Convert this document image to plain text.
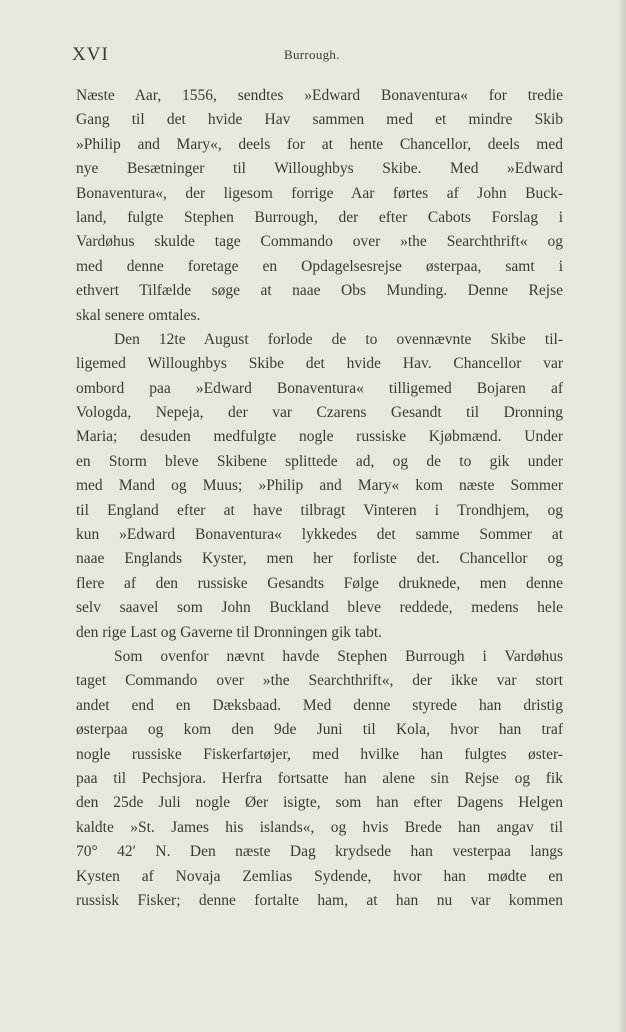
XVI	Burrough.
Næste Aar, 1556, sendtes »Edward Bonaventura« for tredie
Gang til det hvide Hav sammen med et mindre Skib
»Philip and Mary«, deels for at hente Chancellor, deels med
nye Besætninger til Willoughbys Skibe. Med »Edward
Bonaventura«, der ligesom forrige Aar førtes af John Buck-
land, fulgte Stephen Burrough, der efter Cabots Forslag i
Vardøhus skulde tage Commando over »the Searchthrift« og
med denne foretage en Opdagelsesrejse østerpaa, samt i
ethvert Tilfælde søge at naae Obs Munding. Denne Rejse
skal senere omtales.
Den 12te August forlode de to ovennævnte Skibe til-
ligemed Willoughbys Skibe det hvide Hav. Chancellor var
ombord paa »Edward Bonaventura« tilligemed Bojaren af
Vologda, Nepeja, der var Czarens Gesandt til Dronning
Maria; desuden medfulgte nogle russiske Kjøbmænd. Under
en Storm bleve Skibene splittede ad, og de to gik under
med Mand og Muus; »Philip and Mary« kom næste Sommer
til England efter at have tilbragt Vinteren i Trondhjem, og
kun »Edward Bonaventura« lykkedes det samme Sommer at
naae Englands Kyster, men her forliste det. Chancellor og
flere af den russiske Gesandts Følge druknede, men denne
selv saavel som John Buckland bleve reddede, medens hele
den rige Last og Gaverne til Dronningen gik tabt.
Som ovenfor nævnt havde Stephen Burrough i Vardøhus
taget Commando over »the Searchthrift«, der ikke var stort
andet end en Dæksbaad. Med denne styrede han dristig
østerpaa og kom den 9de Juni til Kola, hvor han traf
nogle russiske Fiskerfartøjer, med hvilke han fulgtes øster-
paa til Pechsjora. Herfra fortsatte han alene sin Rejse og fik
den 25de Juli nogle Øer isigte, som han efter Dagens Helgen
kaldte »St. James his islands«, og hvis Brede han angav til
70° 42′ N. Den næste Dag krydsede han vesterpaa langs
Kysten af Novaja Zemlias Sydende, hvor han mødte en
russisk Fisker; denne fortalte ham, at han nu var kommen
